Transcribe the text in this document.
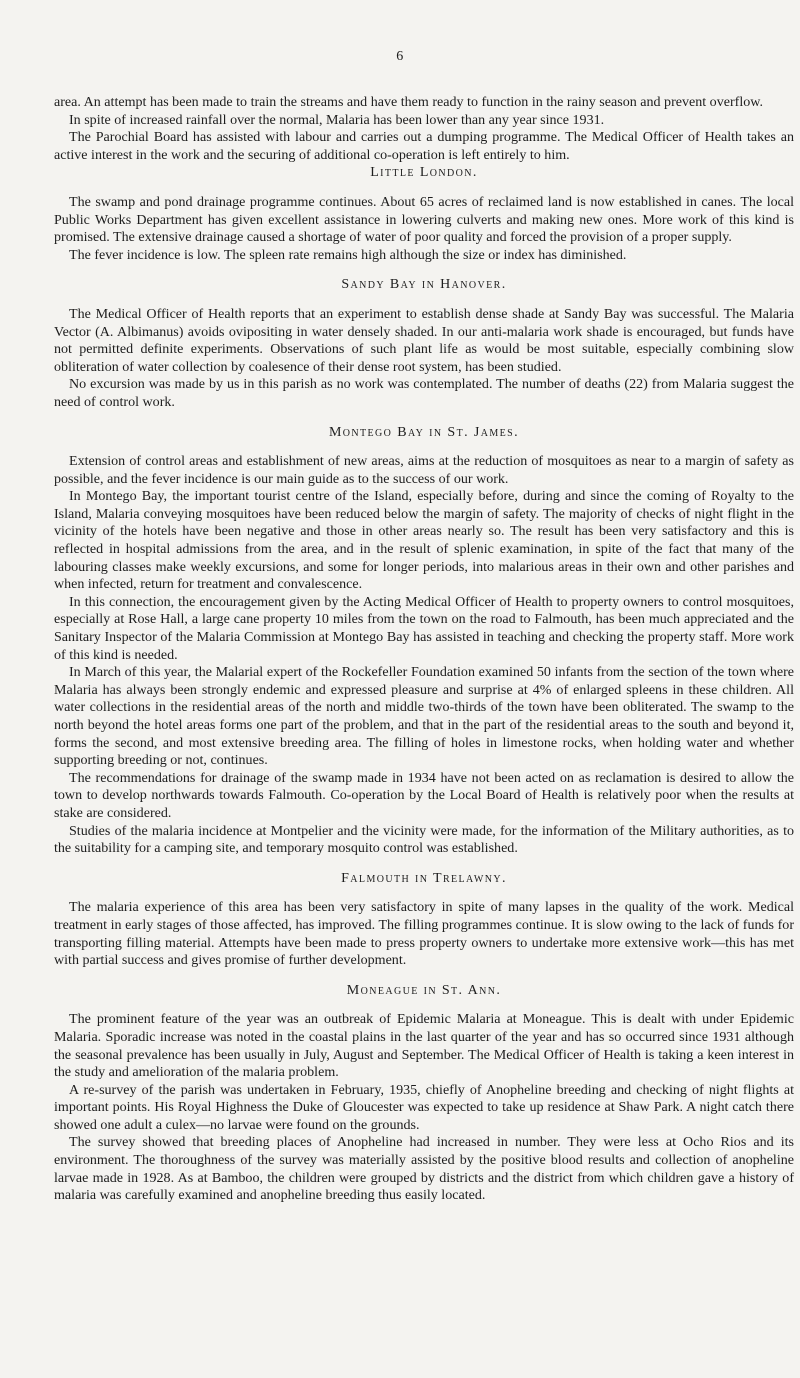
6

area. An attempt has been made to train the streams and have them ready to function in the rainy season and prevent overflow.

In spite of increased rainfall over the normal, Malaria has been lower than any year since 1931.

The Parochial Board has assisted with labour and carries out a dumping programme. The Medical Officer of Health takes an active interest in the work and the securing of additional co-operation is left entirely to him.

Little London.

The swamp and pond drainage programme continues. About 65 acres of reclaimed land is now established in canes. The local Public Works Department has given excellent assistance in lowering culverts and making new ones. More work of this kind is promised. The extensive drainage caused a shortage of water of poor quality and forced the provision of a proper supply.

The fever incidence is low. The spleen rate remains high although the size or index has diminished.

Sandy Bay in Hanover.

The Medical Officer of Health reports that an experiment to establish dense shade at Sandy Bay was successful. The Malaria Vector (A. Albimanus) avoids ovipositing in water densely shaded. In our anti-malaria work shade is encouraged, but funds have not permitted definite experiments. Observations of such plant life as would be most suitable, especially combining slow obliteration of water collection by coalesence of their dense root system, has been studied.

No excursion was made by us in this parish as no work was contemplated. The number of deaths (22) from Malaria suggest the need of control work.

Montego Bay in St. James.

Extension of control areas and establishment of new areas, aims at the reduction of mosquitoes as near to a margin of safety as possible, and the fever incidence is our main guide as to the success of our work.

In Montego Bay, the important tourist centre of the Island, especially before, during and since the coming of Royalty to the Island, Malaria conveying mosquitoes have been reduced below the margin of safety. The majority of checks of night flight in the vicinity of the hotels have been negative and those in other areas nearly so. The result has been very satisfactory and this is reflected in hospital admissions from the area, and in the result of splenic examination, in spite of the fact that many of the labouring classes make weekly excursions, and some for longer periods, into malarious areas in their own and other parishes and when infected, return for treatment and convalescence.

In this connection, the encouragement given by the Acting Medical Officer of Health to property owners to control mosquitoes, especially at Rose Hall, a large cane property 10 miles from the town on the road to Falmouth, has been much appreciated and the Sanitary Inspector of the Malaria Commission at Montego Bay has assisted in teaching and checking the property staff. More work of this kind is needed.

In March of this year, the Malarial expert of the Rockefeller Foundation examined 50 infants from the section of the town where Malaria has always been strongly endemic and expressed pleasure and surprise at 4% of enlarged spleens in these children. All water collections in the residential areas of the north and middle two-thirds of the town have been obliterated. The swamp to the north beyond the hotel areas forms one part of the problem, and that in the part of the residential areas to the south and beyond it, forms the second, and most extensive breeding area. The filling of holes in limestone rocks, when holding water and whether supporting breeding or not, continues.

The recommendations for drainage of the swamp made in 1934 have not been acted on as reclamation is desired to allow the town to develop northwards towards Falmouth. Co-operation by the Local Board of Health is relatively poor when the results at stake are considered.

Studies of the malaria incidence at Montpelier and the vicinity were made, for the information of the Military authorities, as to the suitability for a camping site, and temporary mosquito control was established.

Falmouth in Trelawny.

The malaria experience of this area has been very satisfactory in spite of many lapses in the quality of the work. Medical treatment in early stages of those affected, has improved. The filling programmes continue. It is slow owing to the lack of funds for transporting filling material. Attempts have been made to press property owners to undertake more extensive work—this has met with partial success and gives promise of further development.

Moneague in St. Ann.

The prominent feature of the year was an outbreak of Epidemic Malaria at Moneague. This is dealt with under Epidemic Malaria. Sporadic increase was noted in the coastal plains in the last quarter of the year and has so occurred since 1931 although the seasonal prevalence has been usually in July, August and September. The Medical Officer of Health is taking a keen interest in the study and amelioration of the malaria problem.

A re-survey of the parish was undertaken in February, 1935, chiefly of Anopheline breeding and checking of night flights at important points. His Royal Highness the Duke of Gloucester was expected to take up residence at Shaw Park. A night catch there showed one adult a culex—no larvae were found on the grounds.

The survey showed that breeding places of Anopheline had increased in number. They were less at Ocho Rios and its environment. The thoroughness of the survey was materially assisted by the positive blood results and collection of anopheline larvae made in 1928. As at Bamboo, the children were grouped by districts and the district from which children gave a history of malaria was carefully examined and anopheline breeding thus easily located.
